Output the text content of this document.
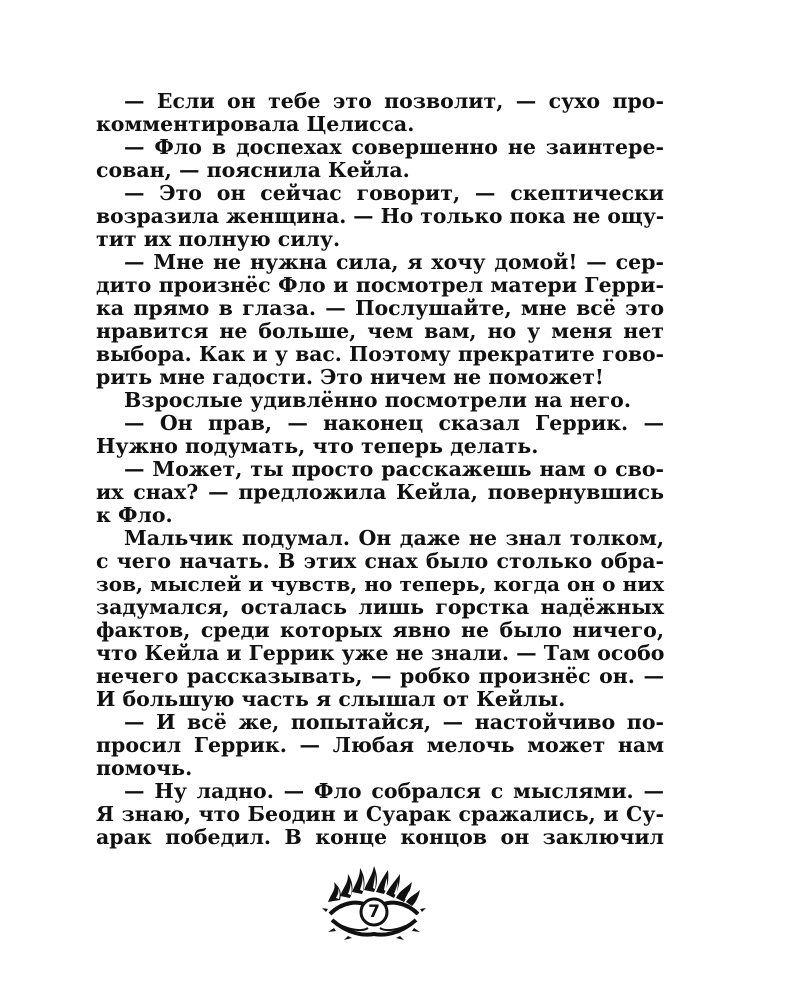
— Если он тебе это позволит, — сухо про-
комментировала Целисса.
— Фло в доспехах совершенно не заинтере-
сован, — пояснила Кейла.
— Это он сейчас говорит, — скептически
возразила женщина. — Но только пока не ощу-
тит их полную силу.
— Мне не нужна сила, я хочу домой! — сер-
дито произнёс Фло и посмотрел матери Герри-
ка прямо в глаза. — Послушайте, мне всё это
нравится не больше, чем вам, но у меня нет
выбора. Как и у вас. Поэтому прекратите гово-
рить мне гадости. Это ничем не поможет!
Взрослые удивлённо посмотрели на него.
— Он прав, — наконец сказал Геррик. —
Нужно подумать, что теперь делать.
— Может, ты просто расскажешь нам о сво-
их снах? — предложила Кейла, повернувшись
к Фло.
Мальчик подумал. Он даже не знал толком,
с чего начать. В этих снах было столько обра-
зов, мыслей и чувств, но теперь, когда он о них
задумался, осталась лишь горстка надёжных
фактов, среди которых явно не было ничего,
что Кейла и Геррик уже не знали. — Там особо
нечего рассказывать, — робко произнёс он. —
И большую часть я слышал от Кейлы.
— И всё же, попытайся, — настойчиво по-
просил Геррик. — Любая мелочь может нам
помочь.
— Ну ладно. — Фло собрался с мыслями. —
Я знаю, что Беодин и Суарак сражались, и Су-
арак победил. В конце концов он заключил
7
